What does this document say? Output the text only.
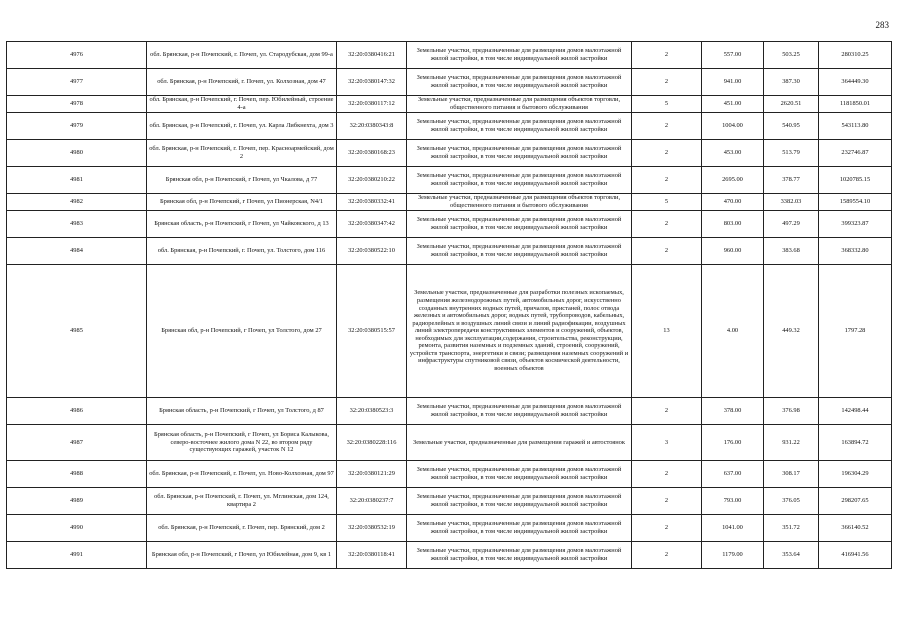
283
4976	обл. Брянская, р-н Почепский, г. Почеп, ул. Стародубская, дом 99-а	32:20:0380416:21	Земельные участки, предназначенные для размещения домов малоэтажной жилой застройки, в том числе индивидуальной жилой застройки	2	557.00	503.25	280310.25
4977	обл. Брянская, р-н Почепский, г. Почеп, ул. Колхозная, дом 47	32:20:0380147:32	Земельные участки, предназначенные для размещения домов малоэтажной жилой застройки, в том числе индивидуальной жилой застройки	2	941.00	387.30	364449.30
4978	обл. Брянская, р-н Почепский, г. Почеп, пер. Юбилейный, строение 4-а	32:20:0380117:12	Земельные участки, предназначенные для размещения объектов торговли, общественного питания и бытового обслуживания	5	451.00	2620.51	1181850.01
4979	обл. Брянская, р-н Почепский, г. Почеп, ул. Карла Либкнехта, дом 3	32:20:0380343:8	Земельные участки, предназначенные для размещения домов малоэтажной жилой застройки, в том числе индивидуальной жилой застройки	2	1004.00	540.95	543113.80
4980	обл. Брянская, р-н Почепский, г. Почеп, пер. Красноармейский, дом 2	32:20:0380168:23	Земельные участки, предназначенные для размещения домов малоэтажной жилой застройки, в том числе индивидуальной жилой застройки	2	453.00	513.79	232746.87
4981	Брянская обл, р-н Почепский, г Почеп, ул Чкалова, д 77	32:20:0380210:22	Земельные участки, предназначенные для размещения домов малоэтажной жилой застройки, в том числе индивидуальной жилой застройки	2	2695.00	378.77	1020785.15
4982	Брянская обл, р-н Почепский, г Почеп, ул Пионерская, N4/1	32:20:0380332:41	Земельные участки, предназначенные для размещения объектов торговли, общественного питания и бытового обслуживания	5	470.00	3382.03	1589554.10
4983	Брянская область, р-н Почепский, г Почеп, ул Чайковского, д 13	32:20:0380347:42	Земельные участки, предназначенные для размещения домов малоэтажной жилой застройки, в том числе индивидуальной жилой застройки	2	803.00	497.29	399323.87
4984	обл. Брянская, р-н Почепский, г. Почеп, ул. Толстого, дом 116	32:20:0380522:10	Земельные участки, предназначенные для размещения домов малоэтажной жилой застройки, в том числе индивидуальной жилой застройки	2	960.00	383.68	368332.80
4985	Брянская обл, р-н Почепский, г Почеп, ул Толстого, дом 27	32:20:0380515:57	Земельные участки, предназначенные для разработки полезных ископаемых, размещения железнодорожных путей, автомобильных дорог, искусственно созданных внутренних водных путей, причалов, пристаней, полос отвода железных и автомобильных дорог, водных путей, трубопроводов, кабельных, радиорелейных и воздушных линий связи и линий радиофикации, воздушных линий электропередачи конструктивных элементов и сооружений, объектов, необходимых для эксплуатации,содержания, строительства, реконструкции, ремонта, развития наземных и подземных зданий, строений, сооружений, устройств транспорта, энергетики и связи; размещения наземных сооружений и инфраструктуры спутниковой связи, объектов космической деятельности, военных объектов	13	4.00	449.32	1797.28
4986	Брянская область, р-н Почепский, г Почеп, ул Толстого, д 87	32:20:0380523:3	Земельные участки, предназначенные для размещения домов малоэтажной жилой застройки, в том числе индивидуальной жилой застройки	2	378.00	376.98	142498.44
4987	Брянская область, р-н Почепский, г Почеп, ул Бориса Калыкова, северо-восточнее жилого дома N 22, во втором ряду существующих гаражей, участок N 12	32:20:0380228:116	Земельные участки, предназначенные для размещения гаражей и автостоянок	3	176.00	931.22	163894.72
4988	обл. Брянская, р-н Почепский, г. Почеп, ул. Ново-Колхозная, дом 97	32:20:0380121:29	Земельные участки, предназначенные для размещения домов малоэтажной жилой застройки, в том числе индивидуальной жилой застройки	2	637.00	308.17	196304.29
4989	обл. Брянская, р-н Почепский, г. Почеп, ул. Мглинская, дом 124, квартира 2	32:20:0380237:7	Земельные участки, предназначенные для размещения домов малоэтажной жилой застройки, в том числе индивидуальной жилой застройки	2	793.00	376.05	298207.65
4990	обл. Брянская, р-н Почепский, г. Почеп, пер. Брянский, дом 2	32:20:0380532:19	Земельные участки, предназначенные для размещения домов малоэтажной жилой застройки, в том числе индивидуальной жилой застройки	2	1041.00	351.72	366140.52
4991	Брянская обл, р-н Почепский, г Почеп, ул Юбилейная, дом 9, кв 1	32:20:0380118:41	Земельные участки, предназначенные для размещения домов малоэтажной жилой застройки, в том числе индивидуальной жилой застройки	2	1179.00	353.64	416941.56
